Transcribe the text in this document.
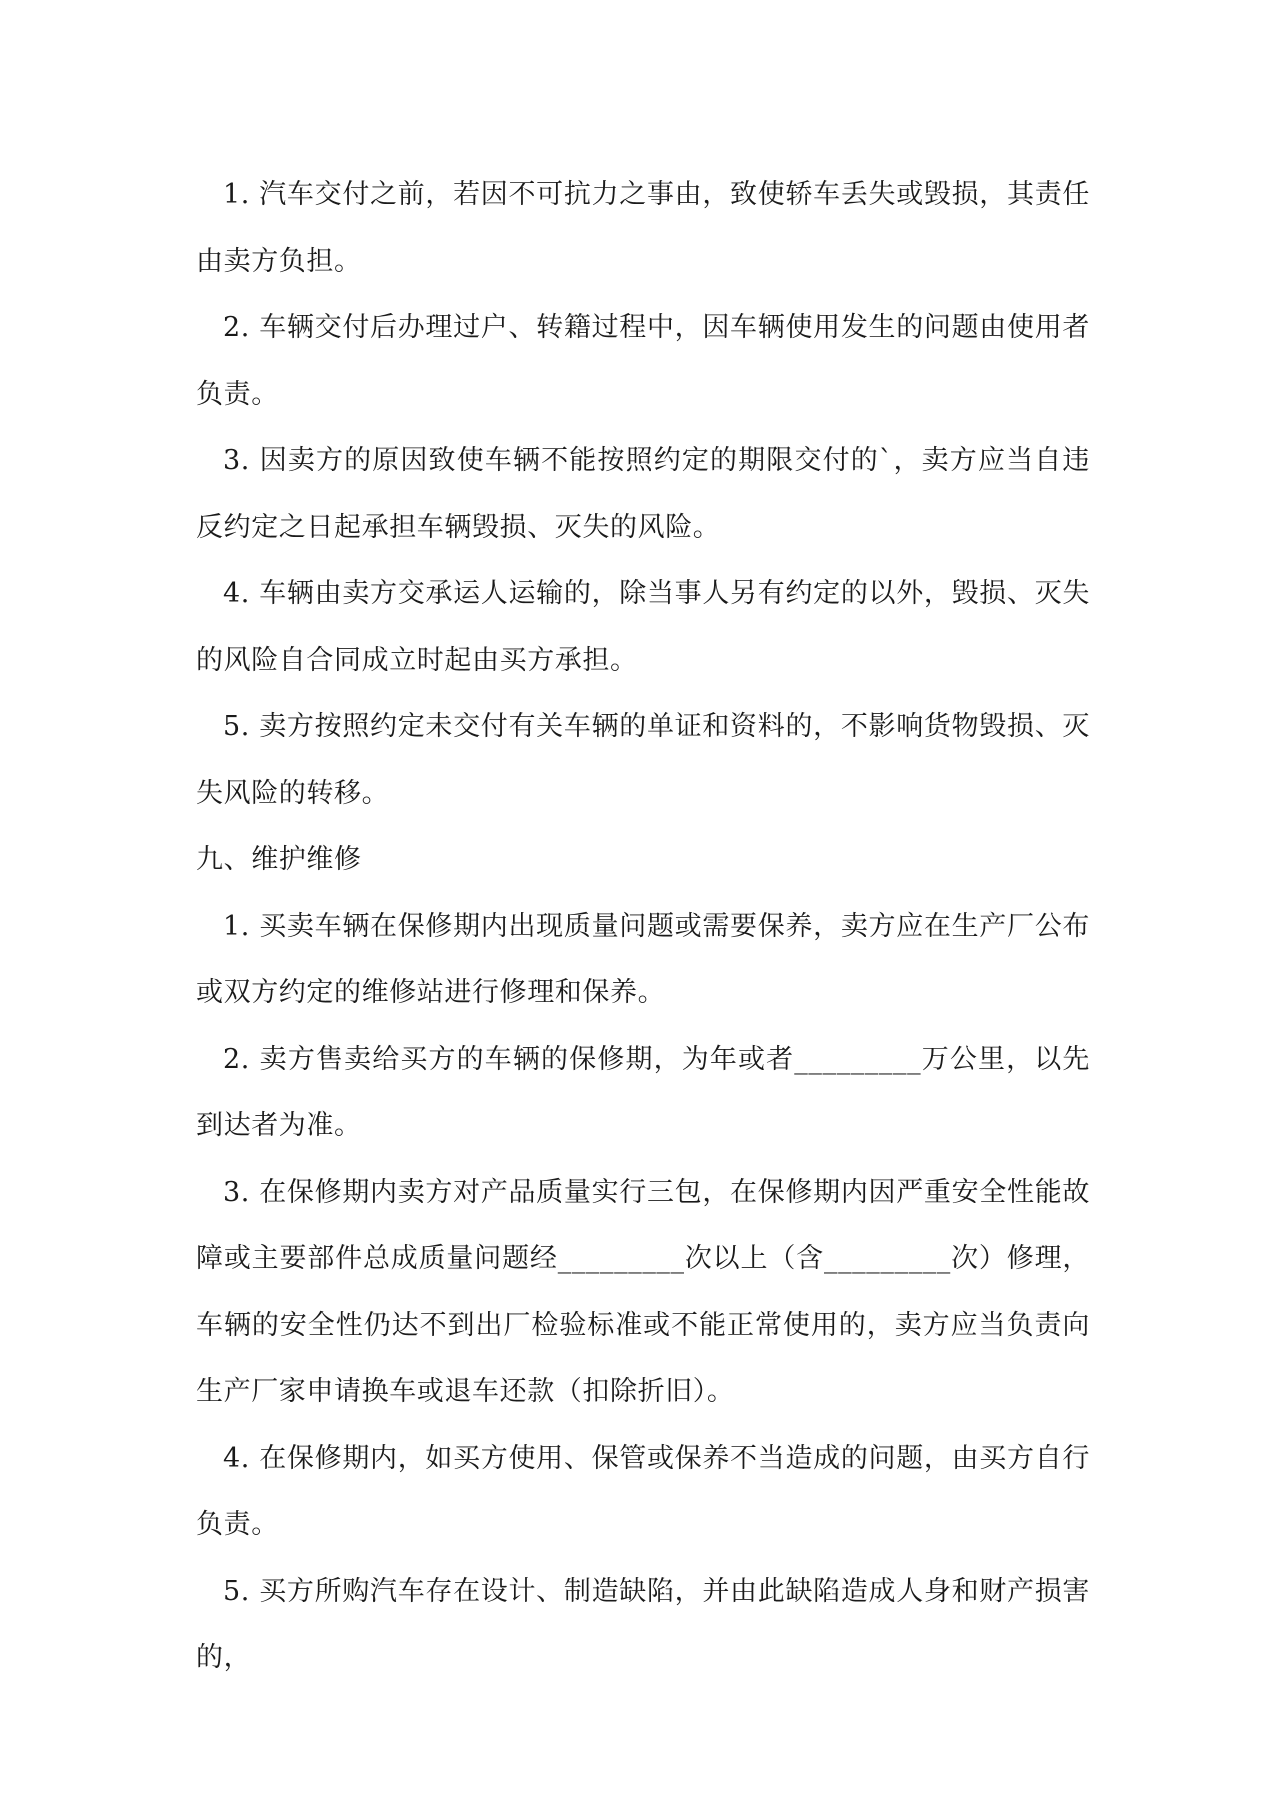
1. 汽车交付之前，若因不可抗力之事由，致使轿车丢失或毁损，其责任由卖方负担。

2. 车辆交付后办理过户、转籍过程中，因车辆使用发生的问题由使用者负责。

3. 因卖方的原因致使车辆不能按照约定的期限交付的`，卖方应当自违反约定之日起承担车辆毁损、灭失的风险。

4. 车辆由卖方交承运人运输的，除当事人另有约定的以外，毁损、灭失的风险自合同成立时起由买方承担。

5. 卖方按照约定未交付有关车辆的单证和资料的，不影响货物毁损、灭失风险的转移。

九、维护维修

1. 买卖车辆在保修期内出现质量问题或需要保养，卖方应在生产厂公布或双方约定的维修站进行修理和保养。

2. 卖方售卖给买方的车辆的保修期，为年或者_________万公里，以先到达者为准。

3. 在保修期内卖方对产品质量实行三包，在保修期内因严重安全性能故障或主要部件总成质量问题经_________次以上（含_________次）修理，车辆的安全性仍达不到出厂检验标准或不能正常使用的，卖方应当负责向生产厂家申请换车或退车还款（扣除折旧）。

4. 在保修期内，如买方使用、保管或保养不当造成的问题，由买方自行负责。

5. 买方所购汽车存在设计、制造缺陷，并由此缺陷造成人身和财产损害的，
